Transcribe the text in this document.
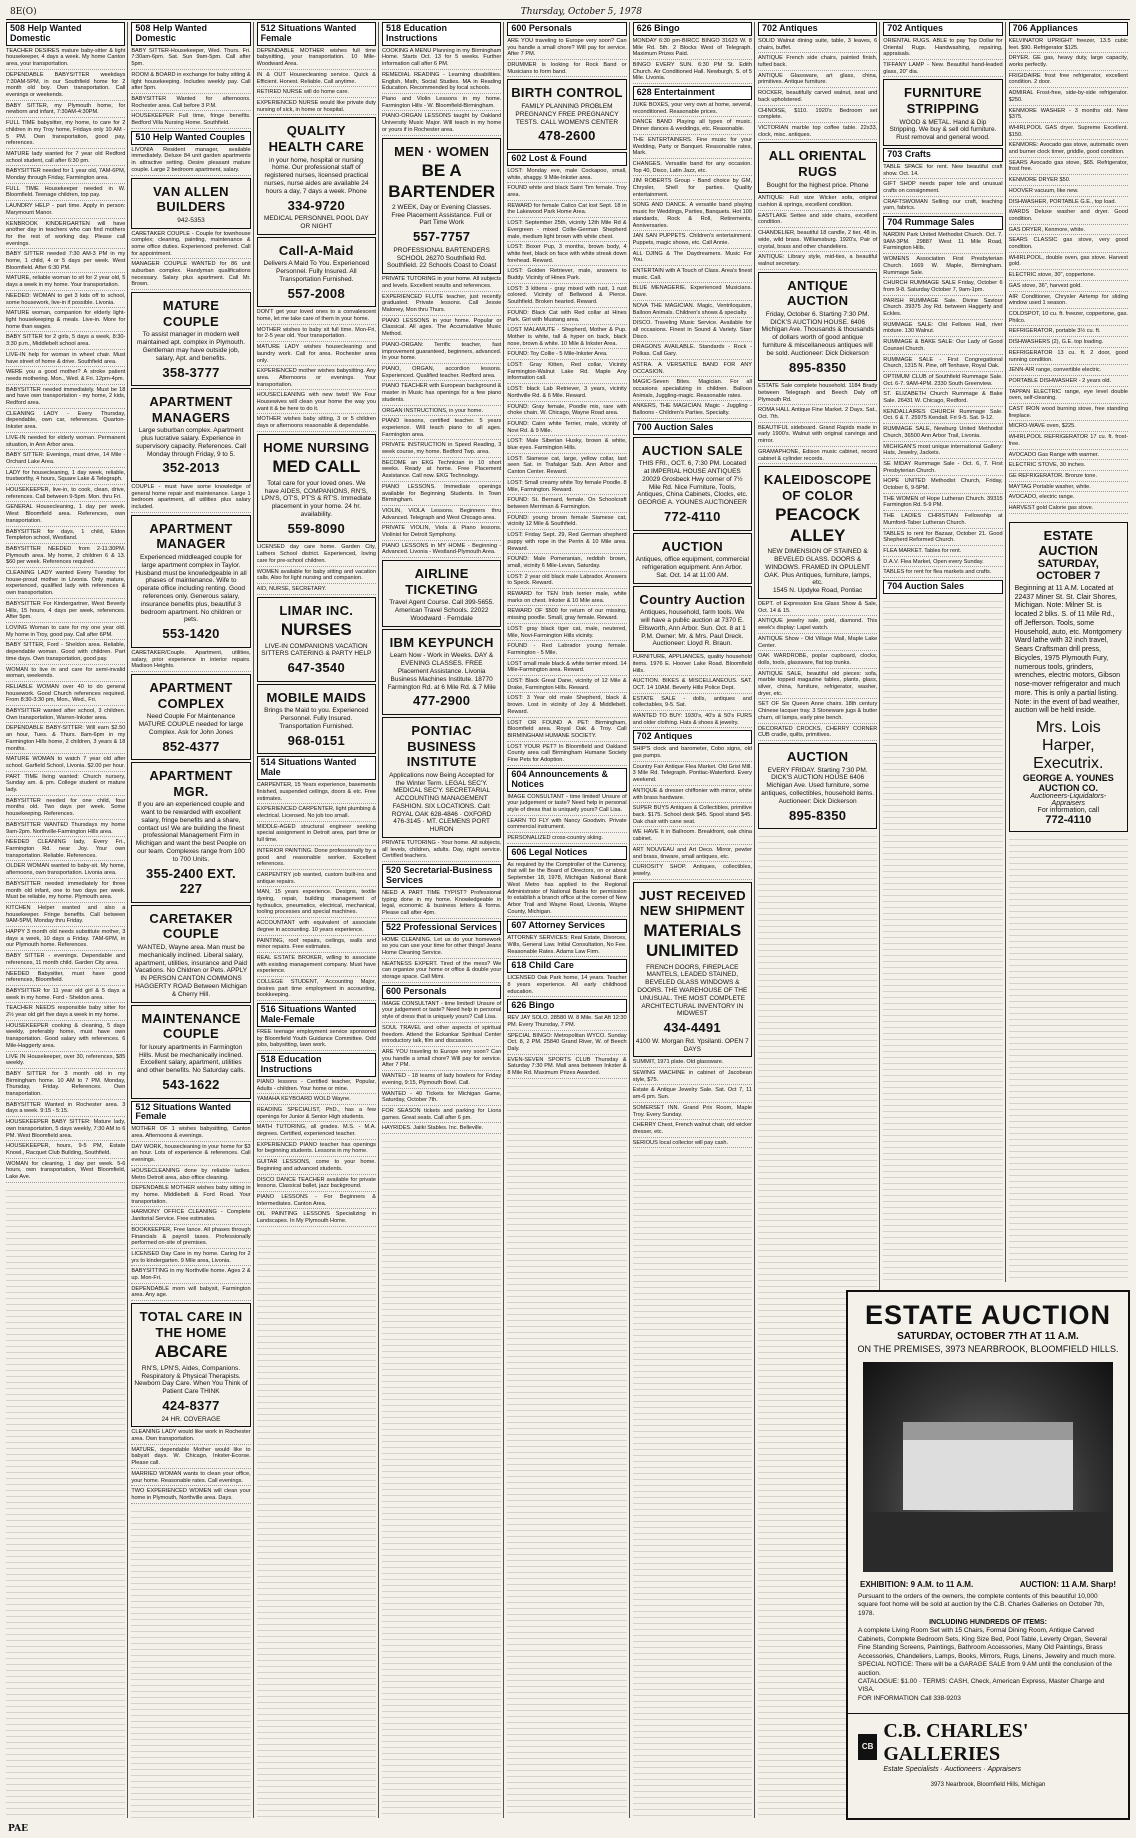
8E(O)	Thursday, October 5, 1978
508 Help Wanted Domestic
TEACHER DESIRES mature baby-sitter & light housekeeper, 4 days a week. My home Canton area, your transportation.
DEPENDABLE BABYSITTER weekdays 7:30AM-5PM, in our Southfield home for 2 month old boy. Own transportation. Call evenings or weekends.
BABY SITTER, my Plymouth home, for newborn and infant, 7:30AM-4:30PM.
FULL TIME babysitter, my home, to care for 2 children in my Troy home, Fridays only 10 AM - 5 PM. Own transportation, good pay, references.
MATURE lady wanted for 7 year old Redford school student, call after 6:30 pm.
BABYSITTER needed for 1 year old, 7AM-6PM, Monday through Friday, Farmington area.
FULL TIME Housekeeper needed in W. Bloomfield. Teenage children, top pay.
LAUNDRY HELP - part time. Apply in person: Marymount Manor.
KENBROOK KINDERGARTEN will have another day in teachers who can find mothers for the rest of working day. Please call evenings.
BABY SITTER needed 7:30 AM-3 PM in my home, 1 child, 4 or 5 days per week. West Bloomfield. After 6:30 PM.
MATURE, reliable woman to sit for 2 year old, 5 days a week in my home. Your transportation.
NEEDED: WOMAN to get 3 kids off to school, some housework, live-in if possible. Livonia.
MATURE woman, companion for elderly light-light housekeeping & meals. Live-in. More for home than wages.
BABY SITTER for 2 girls, 5 days a week, 8:30-3:30 p.m., Middlebelt school area.
LIVE-IN help for woman in wheel chair. Must have street of home & drive. Southfield area.
WERE you a good mother? A stroke patient needs mothering. Mon., Wed. & Fri. 12pm-4pm.
BABYSITTER needed immediately. Must be 18 and have own transportation - my home, 2 kids, Redford area.
CLEANING LADY - Every Thursday, dependable, own car, references. Quarton-Inkster area.
LIVE-IN needed for elderly woman. Permanent situation, in Ann Arbor area.
BABY SITTER: Evenings, must drive, 14 Mile - Orchard Lake Area.
LADY for housecleaning, 1 day week, reliable, trustworthy, 4 hours, Square Lake & Telegraph.
HOUSEKEEPER, live-in, to cook, clean, drive, references. Call between 9-5pm. Mon. thru Fri.
GENERAL Housecleaning, 1 day per week. West Bloomfield area. References, own transportation.
BABYSITTER for days, 1 child, Eldon Templeton school, Westland.
BABYSITTER NEEDED from 2-11:30PM. Plymouth area. My home, 2 children 6 & 13. $60 per week. References required.
CLEANING LADY wanted Every Tuesday for house-proud mother in Livonia. Only mature, experienced, qualified lady with references & own transportation.
BABYSITTER For Kindergartner, West Beverly Hills, 15 hours, 4 days per week, references. After 5pm.
LOVING Woman to care for my one year old. My home in Troy, good pay. Call after 6PM.
BABY SITTER, Ford - Sheldon area. Reliable, dependable woman. Good with children. Part time days. Own transportation, good pay.
WOMAN to live in and care for semi-invalid woman, weekends.
RELIABLE WOMAN over 40 to do general housework. Good Church references required. From 8:30-3:30 pm, Mon., Wed., Fri.
BABYSITTER wanted after school, 3 children. Own transportation, Warren-Inkster area.
DEPENDABLE BABY-SITTER: Will earn $2.50 an hour, Tues. & Thurs. 8am-6pm in my Farmington Hills home, 2 children, 3 years & 18 months.
MATURE WOMAN to watch 7 year old after school. Garfield School, Livonia. $2.00 per hour.
PART TIME living wanted: Church nursery, Sunday am. & pm. College student or mature lady.
BABYSITTER needed for one child, four months old. Two days per week. Some housekeeping. References.
BABYSITTER WANTED Thursdays my home 9am-2pm. Northville-Farmington Hills area.
NEEDED CLEANING lady, Every Fri., Farmington Rd. near Joy. Your own transportation. Reliable. References.
OLDER WOMAN wanted to baby-sit. My home, afternoons, own transportation. Livonia area.
BABYSITTER needed immediately for three month old infant, one to two days per week. Must be reliable, my home. Plymouth area.
KITCHEN Helper wanted and also a housekeeper. Fringe benefits. Call between 9AM-5PM, Monday thru Friday.
HAPPY 3 month old needs substitute mother, 3 days a week, 10 days a Friday. 7AM-6PM, in our Plymouth home. References.
BABY SITTER - evenings. Dependable and references, 11 month child. Garden City area.
NEEDED Babysitter, must have good references, Bloomfield.
BABYSITTER for 11 year old girl & 5 days a week in my home. Ford - Sheldon area.
TEACHER NEEDS responsible baby sitter for 2½ year old girl five days a week in my home.
HOUSEKEEPER cooking & cleaning, 5 days weekly, preferably home, must have own transportation. Good salary with references. 6 Mile-Haggerty area.
LIVE IN Housekeeper, over 30, references, $85 weekly.
BABY SITTER for 3 month old in my Birmingham home. 10 AM to 7 PM. Monday, Thursday, Friday. References. Own transportation.
BABYSITTER Wanted in Rochester area. 3 days a week. 9:15 - 5:15.
HOUSEKEEPER BABY SITTER: Mature lady, own transportation, 5 days weekly, 7:30 AM to 6 PM. West Bloomfield area.
HOUSEKEEPER, hours, 9-5 PM, Estate Knowl., Racquet Club Building, Southfield.
WOMAN for cleaning, 1 day per week. 5-6 hours, own transportation, West Bloomfield, Lake Ave.
508 Help Wanted Domestic
BABY SITTER-Housekeeper, Wed. Thurs. Fri. 7:30am-6pm. Sat. Sun 9am-5pm. Call after 5pm.
ROOM & BOARD in exchange for baby sitting & light housekeeping. Includes weekly pay. Call after 5pm.
BABYSITTER Wanted for afternoons. Rochester area. Call before 3 P.M.
HOUSEKEEPER Full time, fringe benefits. Bedford Villa Nursing Home. Southfield.
510 Help Wanted Couples
LIVONIA Resident manager, available immediately. Deluxe 84 unit garden apartments in attractive setting. Desire pleasant mature couple. Large 2 bedroom apartment, salary.
VAN ALLEN BUILDERS
942-5353
CARETAKER COUPLE - Couple for townhouse complex; cleaning, painting, maintenance & some office duties. Experienced preferred. Call for appointment.
MANAGER COUPLE WANTED for 86 unit suburban complex. Handyman qualifications necessary. Salary plus apartment. Call Mr. Brown.
MATURE COUPLE
To assist manager in modern well maintained apt. complex in Plymouth. Gentleman may have outside job, salary, Apt. and benefits.
358-3777
APARTMENT MANAGERS
Large suburban complex. Apartment plus lucrative salary. Experience in supervisory capacity. References. Call Monday through Friday, 9 to 5.
352-2013
COUPLE - must have some knowledge of general home repair and maintenance. Large 1 bedroom apartment, all utilities plus salary included.
APARTMENT MANAGER
Experienced middleaged couple for large apartment complex in Taylor. Husband must be knowledgeable in all phases of maintenance. Wife to operate office including renting. Good references only. Generous salary, insurance benefits plus, beautiful 3 bedroom apartment. No children or pets.
553-1420
CARETAKER/Couple. Apartment, utilities, salary, prior experience in interior repairs. Madison Heights.
APARTMENT COMPLEX
Need Couple For Maintenance MATURE COUPLE needed for large Complex. Ask for John Jones
852-4377
APARTMENT MGR.
If you are an experienced couple and want to be rewarded with excellent salary, fringe benefits and a share, contact us! We are building the finest professional Management Firm in Michigan and want the best People on our team. Complexes range from 100 to 700 Units.
355-2400 EXT. 227
CARETAKER COUPLE
WANTED, Wayne area. Man must be mechanically inclined. Liberal salary, apartment, utilities, insurance and Paid Vacations. No Children or Pets. APPLY IN PERSON CANTON COMMONS HAGGERTY ROAD Between Michigan & Cherry Hill.
MAINTENANCE COUPLE
for luxury apartments in Farmington Hills. Must be mechanically inclined. Excellent salary, apartment, utilities and other benefits. No Saturday calls.
543-1622
512 Situations Wanted Female
MOTHER OF 1 wishes babysitting, Canton area. Afternoons & evenings.
DAY WORK, housecleaning in your home for $3 an hour. Lots of experience & references. Call evenings.
HOUSECLEANING done by reliable ladies. Metro Detroit area, also office cleaning.
DEPENDABLE MOTHER wishes baby sitting in my home. Middlebelt & Ford Road. Your transportation.
HARMONY OFFICE CLEANING - Complete Janitorial Service. Free estimates.
BOOKKEEPER, Free lance. All phases through Financials & payroll taxes. Professionally performed on-site of premises.
LICENSED Day Care in my home. Caring for 2 yrs to kindergarten. 9 Mile area, Livonia.
BABYSITTING in my Northville home. Ages 2 & up. Mon-Fri.
DEPENDABLE mom will babysit, Farmington area. Any age.
TOTAL CARE IN THE HOME
ABCARE
RN'S, LPN'S, Aides, Companions. Respiratory & Physical Therapists. Newborn Day Care. When You Think of Patient Care THINK
424-8377
24 HR. COVERAGE
CLEANING LADY would like work in Rochester area. Own transportation.
MATURE, dependable Mother would like to babysit days. W. Chicago, Inkster-Ecorse. Please call.
MARRIED WOMAN wants to clean your office, your home. Reasonable rates. Call evenings.
TWO EXPERIENCED WOMEN will clean your home in Plymouth, Northville area. Days.
512 Situations Wanted Female
DEPENDABLE MOTHER wishes full time babysitting, your transportation. 10 Mile-Woodward Area.
IN & OUT Housecleaning service. Quick & Efficient. Honest. Reliable. Call anytime.
RETIRED NURSE will do home care.
EXPERIENCED NURSE would like private duty nursing of sick, in home or hospital.
QUALITY HEALTH CARE
in your home, hospital or nursing home. Our professional staff of registered nurses, licensed practical nurses, nurse aides are available 24 hours a day, 7 days a week. Phone
334-9720
MEDICAL PERSONNEL POOL DAY OR NIGHT
Call-A-Maid
Delivers A Maid To You. Experienced Personnel. Fully Insured. All Transportation Furnished.
557-2008
DON'T get your loved ones to a convalescent home, let me take care of them in your home.
MOTHER wishes to baby sit full time. Mon-Fri, for 2-5 year old. Your transportation.
MATURE LADY wishes housecleaning and laundry work. Call for area. Rochester area only.
EXPERIENCED mother wishes babysitting. Any area. Afternoons or evenings. Your transportation.
HOUSECLEANING with new twist! We Four Housewives will clean your home the way you want it & be here to do it.
MOTHER wishes baby sitting, 3 or 5 children days or afternoons reasonable & dependable.
HOME NURSING
MED CALL
Total care for your loved ones. We have AIDES, COMPANIONS, RN'S, LPN'S, OT'S, PT'S & RT'S. Immediate placement in your home. 24 hr. availability.
559-8090
LICENSED day care home. Garden City, Lathers School district. Experienced, loving care for pre-school children.
WOMEN available for baby sitting and vacation calls. Also for light nursing and companion.
AID, NURSE, SECRETARY.
LIMAR INC.
NURSES
LIVE-IN COMPANIONS VACATION SITTERS CATERING & PARTY HELP
647-3540
MOBILE MAIDS
Brings the Maid to you. Experienced Personnel. Fully Insured. Transportation Furnished.
968-0151
514 Situations Wanted Male
CARPENTER, 15 Years experience, basements finished, suspended ceilings, doors & etc. Free estimates.
EXPERIENCED CARPENTER, light plumbing & electrical. Licensed. No job too small.
MIDDLE-AGED structural engineer seeking special assignment in Detroit area, part time or full time.
INTERIOR PAINTING. Done professionally by a good and reasonable worker. Excellent references.
CARPENTRY job wanted, custom built-ins and antique repairs.
MAN, 15 years experience. Designs, textile dyeing, repair, building management of hydraulics, pneumatics, electrical, mechanical, tooling processes and special machines.
ACCOUNTANT with equivalent of associate degree in accounting. 10 years experience.
PAINTING, roof repairs, ceilings, walls and minor repairs. Free estimates.
REAL ESTATE BROKER, willing to associate with existing management company. Must have experience.
COLLEGE STUDENT, Accounting Major, desires part time employment in accounting, bookkeeping.
516 Situations Wanted Male-Female
FREE teenage employment service sponsored by Bloomfield Youth Guidance Committee. Odd jobs, babysitting, lawn work.
518 Education Instructions
PIANO lessons - Certified teacher, Popular, Adults - children. Your home or mine.
YAMAHA KEYBOARD WOLD Wayne.
READING SPECIALIST, PhD., has a few openings for Junior & Senior High students.
MATH TUTORING, all grades. M.S. - M.A. degrees. Certified, experienced teacher.
EXPERIENCED PIANO teacher has openings for beginning students. Lessons in my home.
GUITAR LESSONS, come to your home. Beginning and advanced students.
DISCO DANCE TEACHER available for private lessons. Classical ballet, jazz background.
PIANO LESSONS - For Beginners & Intermediates. Canton Area.
OIL PAINTING LESSONS Specializing in Landscapes. In My Plymouth Home.
518 Education Instructions
COOKING A MENU Planning in my Birmingham Home. Starts Oct. 13 for 5 weeks. Further information call after 6 PM.
REMEDIAL READING - Learning disabilities. English, Math, Social Studies. MA in Reading Education. Recommended by local schools.
Piano and Violin Lessons in my home. Farmington Hills - W. Bloomfield-Birmingham.
PIANO-ORGAN LESSONS taught by Oakland University Music Major. Will teach in my home or yours if in Rochester area.
MEN · WOMEN
BE A BARTENDER
2 WEEK, Day or Evening Classes. Free Placement Assistance. Full or Part Time Work
557-7757
PROFESSIONAL BARTENDERS SCHOOL 26270 Southfield Rd. Southfield. 22 Schools Coast to Coast
PRIVATE TUTORING in your home. All subjects and levels. Excellent results and references.
EXPERIENCED FLUTE teacher, just recently graduated. Private lessons. Call Jessie Maloney, Mon thru Thurs.
PIANO LESSONS in your home. Popular or Classical. All ages. The Accumulative Music Method.
PIANO-ORGAN: Terrific teacher, fast improvement guaranteed, beginners, advanced. In your home.
PIANO, ORGAN, accordion lessons. Experienced. Qualified teacher. Redford area.
PIANO TEACHER with European background & master in Music has openings for a few piano students.
ORGAN INSTRUCTIONS, in your home.
PIANO lessons, certified teacher. 5 years experience. Will teach piano to all ages. Farmington area.
PRIVATE INSTRUCTION in Speed Reading, 3 week course, my home. Bedford Twp. area.
BECOME an EKG Technician in 10 short weeks. Ready at home. Free Placement Assistance. Call now. EKG Technology.
PIANO LESSONS. Immediate openings available for Beginning Students. In Town Birmingham.
VIOLIN, VIOLA Lessons. Beginners thru Advanced. Telegraph and West Chicago area.
PRIVATE VIOLIN, Viola & Piano lessons. Violinist for Detroit Symphony.
PIANO LESSONS in MY HOME - Beginning - Advanced. Livonia - Westland-Plymouth Area.
AIRLINE TICKETING
Travel Agent Course. Call 399-5655. American Travel Schools. 22022 Woodward · Ferndale
IBM KEYPUNCH
Learn Now - Work in Weeks. DAY & EVENING CLASSES. FREE Placement Assistance. Livonia Business Machines Institute. 18770 Farmington Rd. at 6 Mile Rd. & 7 Mile
477-2900
PONTIAC BUSINESS INSTITUTE
Applications now Being Accepted for the Winter Term. LEGAL SEC'Y. MEDICAL SEC'Y. SECRETARIAL ACCOUNTING MANAGEMENT FASHION. SIX LOCATIONS. Call: ROYAL OAK 628-4846 · OXFORD 476-3145 · MT. CLEMENS PORT HURON
PRIVATE TUTORING - Your home. All subjects, all levels, children, adults. Day, night service. Certified teachers.
520 Secretarial-Business Services
NEED A PART TIME TYPIST? Professional typing done in my home. Knowledgeable in legal, economic & business letters & forms. Please call after 4pm.
522 Professional Services
HOME CLEANING. Let us do your homework so you can use your time for other things! Jeans Home Cleaning Service.
NEATNESS EXPERT. Tired of the mess? We can organize your home or office & double your storage space. Call Mimi.
600 Personals
IMAGE CONSULTANT - time limited! Unsure of your judgement or taste? Need help in personal style of dress that is uniquely yours? Call Lisa.
SOUL TRAVEL and other aspects of spiritual freedom. Attend the Eckankar Spiritual Center introductory talk, film and discussion.
ARE YOU traveling to Europe very soon? Can you handle a small chore? Will pay for service. After 7 PM.
WANTED - 18 teams of lady bowlers for Friday evening, 9:15, Plymouth Bowl. Call.
WANTED - 40 Tickets for Michigan Game, Saturday, October 7th.
FOR SEASON tickets and parking for Lions games. Great seats. Call after 6 pm.
HAYRIDES. Jaiiki Stables. Inc. Belleville.
600 Personals
ARE YOU traveling to Europe very soon? Can you handle a small chore? Will pay for service. After 7 PM.
DRUMMER is looking for Rock Band or Musicians to form band.
BIRTH CONTROL
FAMILY PLANNING PROBLEM PREGNANCY FREE PREGNANCY TESTS. CALL WOMEN'S CENTER
478-2600
602 Lost & Found
LOST: Monday eve, male Cockapoo, small, white, shaggy. 9 Mile-Inkster area.
FOUND white and black Saint Tim female. Troy area.
REWARD for female Calico Cat lost Sept. 18 in the Lakewood Park Home Area.
LOST: September 25th, vicinity 12th Mile Rd & Evergreen - mixed Collie-German Shepherd male, medium light brown with white chest.
LOST: Boxer Pup, 3 months, brown body, 4 white feet, black on face with white streak down forehead. Reward.
LOST: Golden Retriever, male, answers to Buddy. Vicinity of Hines Park.
LOST: 3 kittens - gray mixed with rust, 1 rust colored. Vicinity of Bellwood & Pierce. Southfield. Broken hearted. Reward.
FOUND: Black Cat with Red collar at Hines Park. Girl with Mustang area.
LOST MALAMUTE - Shepherd, Mother & Pup. Mother is white, tall & hyper on back, black nose, brown & white. 10 Mile & Inkster Area.
FOUND: Toy Collie - 5 Mile-Inkster Area.
LOST: Gray Kitten, Red collar, Vicinity Farmington-Walnut Lake Rd. Maple Any information call.
LOST: black Lab Retriever, 3 years, vicinity Northville Rd. & 6 Mile. Reward.
FOUND: Gray female, Poodle mix, rare with choke chain. W. Chicago, Wayne Road area.
FOUND: Cairn white Terrier, male, vicinity of Novi Rd. & 9 Mile.
LOST: Male Siberian Husky, brown & white, blue eyes. Farmington Hills.
LOST: Siamese cat, large, yellow collar, last seen Sat. in Trafalgar Sub. Ann Arbor and Canton Center. Reward.
LOST: Small creamy white Toy female Poodle. 8 Mile, Farmington. Reward.
FOUND: St. Bernard, female. On Schoolcraft between Merriman & Farmington.
FOUND: young brown female Siamese cat, vicinity 12 Mile & Southfield.
LOST: Friday Sept. 29, Red German shepherd puppy with rope in the Perrin & 10 Mile area. Reward.
FOUND: Male Pomeranian, reddish brown, small, vicinity 6 Mile-Levan, Saturday.
LOST: 2 year old black male Labrador. Answers to Speck. Reward.
REWARD for TEN Irish terrier male, white marks on chest. Inkster & 10 Mile area.
REWARD OF $500 for return of our missing, missing poodle. Small, gray female. Reward.
LOST: gray black tiger cat, male, neutered, Mile, Novi-Farmington Hills vicinity.
FOUND - Red Labrador young female. Farmington - 5 Mile.
LOST small male black & white terrier mixed. 14 Mile-Farmington area. Reward.
LOST: Black Great Dane, vicinity of 12 Mile & Drake, Farmington Hills. Reward.
LOST: 3 Year old male Shepherd, black & brown. Lost in vicinity of Joy & Middlebelt. Reward.
LOST OR FOUND A PET: Birmingham, Bloomfield area. Royal Oak & Troy. Call BIRMINGHAM HUMANE SOCIETY.
LOST YOUR PET? In Bloomfield and Oakland County area call Birmingham Humane Society Fine Pets for Adoption.
604 Announcements & Notices
IMAGE CONSULTANT - time limited! Unsure of your judgement or taste? Need help in personal style of dress that is uniquely yours? Call Lisa.
LEARN TO FLY with Nancy Goodwin. Private commercial instrument.
PERSONALIZED cross-country skiing.
606 Legal Notices
As required by the Comptroller of the Currency, that will be the Board of Directors, on or about September 18, 1978, Michigan National Bank West Metro has applied to the Regional Administrator of National Banks for permission to establish a branch office at the corner of New Arbor Trail and Wayne Road, Livonia, Wayne County, Michigan.
607 Attorney Services
ATTORNEY SERVICES: Real Estate, Divorces, Wills, General Law. Initial Consultation, No Fee. Reasonable Rates. Adams Law Firm.
618 Child Care
LICENSED Oak Park home, 14 years. Teacher 8 years experience. All early childhood education.
626 Bingo
REV JAY SOLO. 28580 W. 8 Mile. Sat Aft 12:30 PM. Every Thursday, 7 PM.
SPECIAL BINGO: Metropolitan WYCO. Sunday Oct. 8, 2 PM. 25840 Grand River, W. of Beech Daly.
EVEN-SEVEN SPORTS CLUB Thursday & Saturday 7:30 PM. Mall area between Inkster & 8 Mile Rd. Maximum Prizes Awarded.
626 Bingo
MONDAY 6:30 pm-BIRCC BINGO 31623 W. 8 Mile Rd. 5th. 2 Blocks West of Telegraph. Maximum Prizes Paid.
BINGO EVERY SUN. 6:30 PM St. Edith Church. Air Conditioned Hall. Newburgh, S. of 5 Mile. Livonia.
628 Entertainment
JUKE BOXES, your very own at home, several, reconditioned. Reasonable prices.
DANCE BAND Playing all types of music. Dinner dances & weddings, etc. Reasonable.
THE ENTERTAINERS. Fine music for your Wedding, Party or Banquet. Reasonable rates, Mark.
CHANGES. Versatile band for any occasion. Top 40, Disco, Latin Jazz, etc.
JIM ROBERTS Group - Band choice by GM, Chrysler, Shell for parties. Quality entertainment.
SONG AND DANCE. A versatile band playing music for Weddings, Parties, Banquets. Hot 100 standards, Rock & Roll, Retirements, Anniversaries.
JAN SAN PUPPETS. Children's entertainment. Puppets, magic shows, etc. Call Annie.
ALL DJING & The Daydreamers. Music For You.
ENTERTAIN with A Touch of Class. Area's finest music. Call.
BLUE MENAGERIE. Experienced Musicians. Dave.
NOVA THE MAGICIAN. Magic, Ventriloquism, Balloon Animals. Children's shows & specialty.
DISCO. Traveling Music Service. Available for all occasions. Finest in Sound & Variety. Starr Disco.
DRAGONS AVAILABLE. Standards - Rock - Polkas. Call Gary.
ASTRA. A VERSATILE BAND FOR ANY OCCASION.
MAGIC-Seven Bites. Magician. For all occasions specializing in children. Balloon Animals, Juggling-magic. Reasonable rates.
ANKERS, THE MAGICIAN. Magic - Juggling - Balloons - Children's Parties. Specialty.
700 Auction Sales
AUCTION SALE
THIS FRI., OCT. 6, 7:30 PM. Located at IMPERIAL HOUSE ANTIQUES 20029 Grosbeck Hwy corner of 7½ Mile Rd. Nice Furniture, Tools, Antiques, China Cabinets, Clocks, etc. GEORGE A. YOUNES AUCTIONEER
772-4110
AUCTION
Antiques, office equipment, commercial refrigeration equipment. Ann Arbor. Sat. Oct. 14 at 11:00 AM.
Country Auction
Antiques, household, farm tools. We will have a public auction at 7370 E. Ellsworth, Ann Arbor. Sun. Oct. 8 at 1 P.M. Owner: Mr. & Mrs. Paul Dreck. Auctioneer: Lloyd R. Braun.
FURNITURE, APPLIANCES, quality household items. 1976 E. Hoover Lake Road. Bloomfield Hills.
AUCTION. BIKES & MISCELLANEOUS. SAT. OCT. 14 10AM. Beverly Hills Police Dept.
ESTATE SALE - dolls, antiques and collectables, 9-5. Sat.
WANTED TO BUY: 1930's, 40's & 50's FURS and older clothing. Hats & shoes & jewelry.
702 Antiques
SHIP'S clock and barometer, Cobo signs, old gas pumps.
Country Fair Antique Flea Market. Old Grist Mill. 3 Mile Rd. Telegraph. Pontiac-Waterford. Every weekend.
ANTIQUE & dresser chiffonier with mirror, white with brass hardware.
SUPER BUYS Antiques & Collectibles, primitive back. $175. School desk $45. Spool stand $45. Oak chair with cane seat.
WE HAVE It in Ballroom. Breakfront, oak china cabinet.
ART NOUVEAU and Art Deco. Mirror, pewter and brass, tinware, small antiques, etc.
CURIOSITY SHOP. Antiques, collectibles, jewelry.
JUST RECEIVED NEW SHIPMENT
MATERIALS UNLIMITED
FRENCH DOORS, FIREPLACE MANTELS, LEADED STAINED, BEVELED GLASS WINDOWS & DOORS. THE WAREHOUSE OF THE UNUSUAL. THE MOST COMPLETE ARCHITECTURAL INVENTORY IN MIDWEST
434-4491
4100 W. Morgan Rd. Ypsilanti. OPEN 7 DAYS
SUMMIT, 1971 plate. Old glassware.
SEWING MACHINE in cabinet of Jacobean style, $75.
Estate & Antique Jewelry Sale. Sat. Oct 7, 11 am-6 pm. Sun.
SOMERSET INN. Grand Prix Room, Maple Troy. Every Sunday.
CHERRY Chest, French walnut chair, old wicker dresser, etc.
SERIOUS local collector will pay cash.
702 Antiques
SOLID Walnut dining suite, table, 3 leaves, 6 chairs, buffet.
ANTIQUE French side chairs, painted finish, tufted back.
ANTIQUE Glassware, art glass, china, primitives. Antique furniture.
ROCKER, beautifully carved walnut, seat and back upholstered.
CHINOISE, $110. 1920's Bedroom set complete.
VICTORIAN marble top coffee table. 22x33, clock, misc. antiques.
ALL ORIENTAL RUGS
Bought for the highest price. Phone
ANTIQUE: Full size Wicker sofa, original cushion & springs, excellent condition.
EASTLAKE Settee and side chairs, excellent condition.
CHANDELIER, beautiful 18 candle, 2 tier, 48 in. wide, wild brass. Williamsburg. 1920's, Pair of crystal, brass and other chandeliers.
ANTIQUE: Library style, mid-ties, a beautiful walnut secretary.
ANTIQUE AUCTION
Friday, October 6. Starting 7:30 PM. DICK'S AUCTION HOUSE. 6406 Michigan Ave. Thousands & thousands of dollars worth of good antique furniture & miscellaneous antiques will be sold. Auctioneer: Dick Dickerson
895-8350
ESTATE Sale complete household. 1184 Brady between Telegraph and Beech Daly off Plymouth Rd.
ROMA HALL Antique Fine Market. 2 Days. Sat., Oct. 7th.
BEAUTIFUL sideboard. Grand Rapids made in early 1900's. Walnut with original carvings and mirror.
GRAMAPHONE, Edison music cabinet, record cabinet & cylinder records.
KALEIDOSCOPE OF COLOR
PEACOCK ALLEY
NEW DIMENSION OF STAINED & BEVELED GLASS. DOORS & WINDOWS. FRAMED IN OPULENT OAK. Plus Antiques, furniture, lamps, etc.
1545 N. Updyke Road, Pontiac
DEPT. of Expression Era Glass Show & Sale, Oct. 14 & 15.
ANTIQUE jewelry sale, gold, diamond. This week's display: Lapel watch.
ANTIQUE Show - Old Village Mall, Maple Lake Center.
OAK WARDROBE, poplar cupboard, clocks, dolls, tools, glassware, flat top trunks.
ANTIQUE SALE, beautiful old pieces: sofa, marble topped magazine tables, plants, glass, silver, china, furniture, refrigerator, washer, dryer, etc.
SET OF Six Queen Anne chairs. 18th century Chinese lacquer tray. 3 Stoneware jugs & butter churn, oil lamps, early pine bench.
DECORATED CROCKS, CHERRY CORNER CUB cradle, quilts, primitives.
AUCTION
EVERY FRIDAY. Starting 7:30 PM. DICK'S AUCTION HOUSE 6406 Michigan Ave. Used furniture, some antiques, collectibles, household items. Auctioneer: Dick Dickerson
895-8350
702 Antiques
ORIENTAL RUGS. ABLE to pay Top Dollar for Oriental Rugs. Handwashing, repairing, appraisals.
TIFFANY LAMP - New. Beautiful hand-leaded glass, 20" dia.
FURNITURE STRIPPING
WOOD & METAL. Hand & Dip Stripping. We buy & sell old furniture. Rust removal and general wood.
703 Crafts
TABLE SPACE for rent. New beautiful craft show. Oct. 14.
GIFT SHOP needs paper tole and unusual crafts on consignment.
CRAFTSWOMAN Selling our craft, teaching yarn, fabrics.
704 Rummage Sales
NARDIN Park United Methodist Church. Oct. 7. 9AM-3PM. 29887 West 11 Mile Road, Farmington Hills.
WOMENS Association First Presbyterian Church. 1669 W. Maple, Birmingham. Rummage Sale.
CHURCH RUMMAGE SALE Friday, October 6 from 9-8. Saturday October 7, 9am-1pm.
PARISH RUMMAGE Sale. Divine Saviour Church. 39375 Joy Rd. between Haggerty and Eckles.
RUMMAGE SALE: Old Fellows Hall, river mixture. 130 Walnut.
RUMMAGE & BAKE SALE: Our Lady of Good Counsel Church.
RUMMAGE SALE - First Congregational Church, 1315 N. Pine, off Tenhave, Royal Oak.
OPTIMUM CLUB of Southfield Rummage Sale. Oct. 6-7. 9AM-4PM. 2330 South Greenview.
ST. ELIZABETH Church Rummage & Bake Sale. 26431 W. Chicago, Redford.
KENDALLAIRES CHURCH Rummage Sale. Oct. 6 & 7. 25975 Kendall. Fri 9-5. Sat. 9-12.
RUMMAGE SALE, Newburg United Methodist Church, 36500 Ann Arbor Trail, Livonia.
MICHIGAN'S most unique international Gallery: Hats, Jewelry, Jackets.
SE MIDAY Rummage Sale - Oct. 6, 7. First Presbyterian Church.
HOPE UNITED Methodist Church, Friday, October 6, 9-5PM.
THE WOMEN of Hope Lutheran Church. 39315 Farmington Rd. 5-9 PM.
THE LADIES CHRISTIAN Fellowship at Mumford-Taber Lutheran Church.
TABLES to rent for Bazaar, October 21. Good Shepherd Reformed Church.
FLEA MARKET. Tables for rent.
D.A.V. Flea Market, Open every Sunday.
TABLES for rent for flea markets and crafts.
704 Auction Sales
706 Appliances
KELVINATOR UPRIGHT freezer, 13.5 cubic feet. $90. Refrigerator $125.
DRYER. GE gas, heavy duty, large capacity, works perfectly.
FRIGIDAIRE frost free refrigerator, excellent condition. 2 door.
ADMIRAL Frost-free, side-by-side refrigerator. $250.
KENMORE WASHER - 3 months old. New $375.
WHIRLPOOL GAS dryer. Supreme Excellent. $150.
KENMORE: Avocado gas stove, automatic oven and burner clock timer, griddle, good condition.
SEARS Avocado gas stove, $65. Refrigerator, frost free.
KENMORE DRYER $50.
HOOVER vacuum, like new.
DISHWASHER, PORTABLE G.E., top load.
WARDS Deluxe washer and dryer. Good condition.
GAS DRYER, Kenmore, white.
SEARS CLASSIC gas stove, very good condition.
WHIRLPOOL, double oven, gas stove. Harvest gold.
ELECTRIC stove, 30", coppertone.
GAS stove, 36", harvest gold.
AIR Conditioner, Chrysler Airtemp for sliding window used 1 season.
COLDSPOT, 10 cu. ft. freezer, coppertone, gas. Philco.
REFRIGERATOR, portable 3½ cu. ft.
DISHWASHERS (2), G.E. top loading.
REFRIGERATOR 13 cu. ft. 2 door, good running condition.
JENN-AIR range, convertible electric.
PORTABLE DISHWASHER - 2 years old.
TAPPAN ELECTRIC range, eye level double oven, self-cleaning.
CAST IRON wood burning stove, free standing fireplace.
MICRO-WAVE oven, $225.
WHIRLPOOL REFRIGERATOR 17 cu. ft. frost-free.
AVOCADO Gas Range with warmer.
ELECTRIC STOVE, 30 inches.
GE REFRIGERATOR. Bronze tone.
MAYTAG Portable washer, white.
AVOCADO, electric range.
HARVEST gold Calorie gas stove.
ESTATE AUCTION
SATURDAY, OCTOBER 7

Beginning at 11 A.M. Located at 22437 Miner St. St. Clair Shores, Michigan. Note: Milner St. is located 2 blks. S. of 11 Mile Rd., off Jefferson. Tools, some Household, auto, etc. Montgomery Ward lathe with 32 inch travel, Sears Craftsman drill press, Bicycles, 1975 Plymouth Fury, numerous tools, grinders, wrenches, electric motors, Gibson nose-mover refrigerator and much more. This is only a partial listing. Note: in the event of bad weather, auction will be held inside.

Mrs. Lois Harper, Executrix.
GEORGE A. YOUNES AUCTION CO.
Auctioneers-Liquidators-Appraisers
For information, call
772-4110
ESTATE AUCTION
SATURDAY, OCTOBER 7TH AT 11 A.M.
ON THE PREMISES, 3973 NEARBROOK, BLOOMFIELD HILLS.
EXHIBITION: 9 A.M. to 11 A.M.	AUCTION: 11 A.M. Sharp!
Pursuant to the orders of the owners, the complete contents of this beautiful 10,000 square foot home will be sold at auction by the C.B. Charles Galleries on October 7th, 1978.
INCLUDING HUNDREDS OF ITEMS:
A complete Living Room Set with 15 Chairs, Formal Dining Room, Antique Carved Cabinets, Complete Bedroom Sets, King Size Bed, Pool Table, Leverty Organ, Several Fine Standing Screens, Paintings, Bathroom Accessories, Many Old Paintings, Brass Accessories, Chandeliers, Lamps, Books, Mirrors, Rugs, Linens, Jewelry and much more.
SPECIAL NOTICE: There will be a GARAGE SALE from 9 AM until the conclusion of the auction.
CATALOGUE: $1.00 · TERMS: CASH, Check, American Express, Master Charge and VISA.
FOR INFORMATION Call 338-9203
CB
C.B. CHARLES' GALLERIES
Estate Specialists · Auctioneers · Appraisers
3973 Nearbrook, Bloomfield Hills, Michigan
PAE
